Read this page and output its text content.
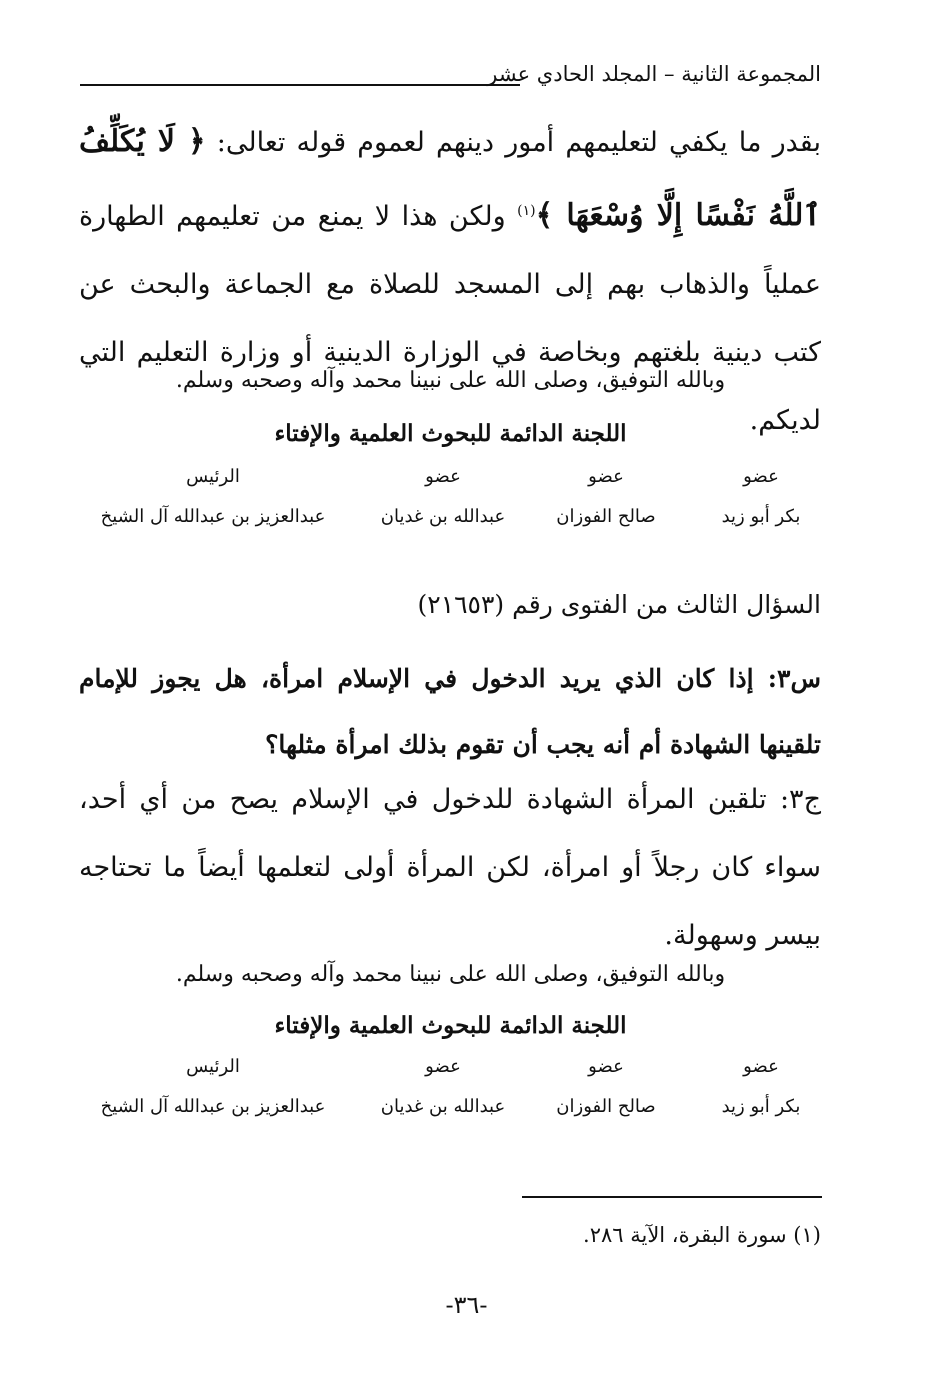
المجموعة الثانية – المجلد الحادي عشر
بقدر ما يكفي لتعليمهم أمور دينهم لعموم قوله تعالى: ﴿ لَا يُكَلِّفُ ٱللَّهُ نَفْسًا إِلَّا وُسْعَهَا ﴾$^{(١)}$ ولكن هذا لا يمنع من تعليمهم الطهارة عملياً والذهاب بهم إلى المسجد للصلاة مع الجماعة والبحث عن كتب دينية بلغتهم وبخاصة في الوزارة الدينية أو وزارة التعليم التي لديكم.
وبالله التوفيق، وصلى الله على نبينا محمد وآله وصحبه وسلم.
اللجنة الدائمة للبحوث العلمية والإفتاء
عضو
بكر أبو زيد
عضو
صالح الفوزان
عضو
عبدالله بن غديان
الرئيس
عبدالعزيز بن عبدالله آل الشيخ
السؤال الثالث من الفتوى رقم (٢١٦٥٣)
س٣: إذا كان الذي يريد الدخول في الإسلام امرأة، هل يجوز للإمام تلقينها الشهادة أم أنه يجب أن تقوم بذلك امرأة مثلها؟
ج٣: تلقين المرأة الشهادة للدخول في الإسلام يصح من أي أحد، سواء كان رجلاً أو امرأة، لكن المرأة أولى لتعلمها أيضاً ما تحتاجه بيسر وسهولة.
وبالله التوفيق، وصلى الله على نبينا محمد وآله وصحبه وسلم.
اللجنة الدائمة للبحوث العلمية والإفتاء
عضو
بكر أبو زيد
عضو
صالح الفوزان
عضو
عبدالله بن غديان
الرئيس
عبدالعزيز بن عبدالله آل الشيخ
(١) سورة البقرة، الآية ٢٨٦.
-٣٦-
